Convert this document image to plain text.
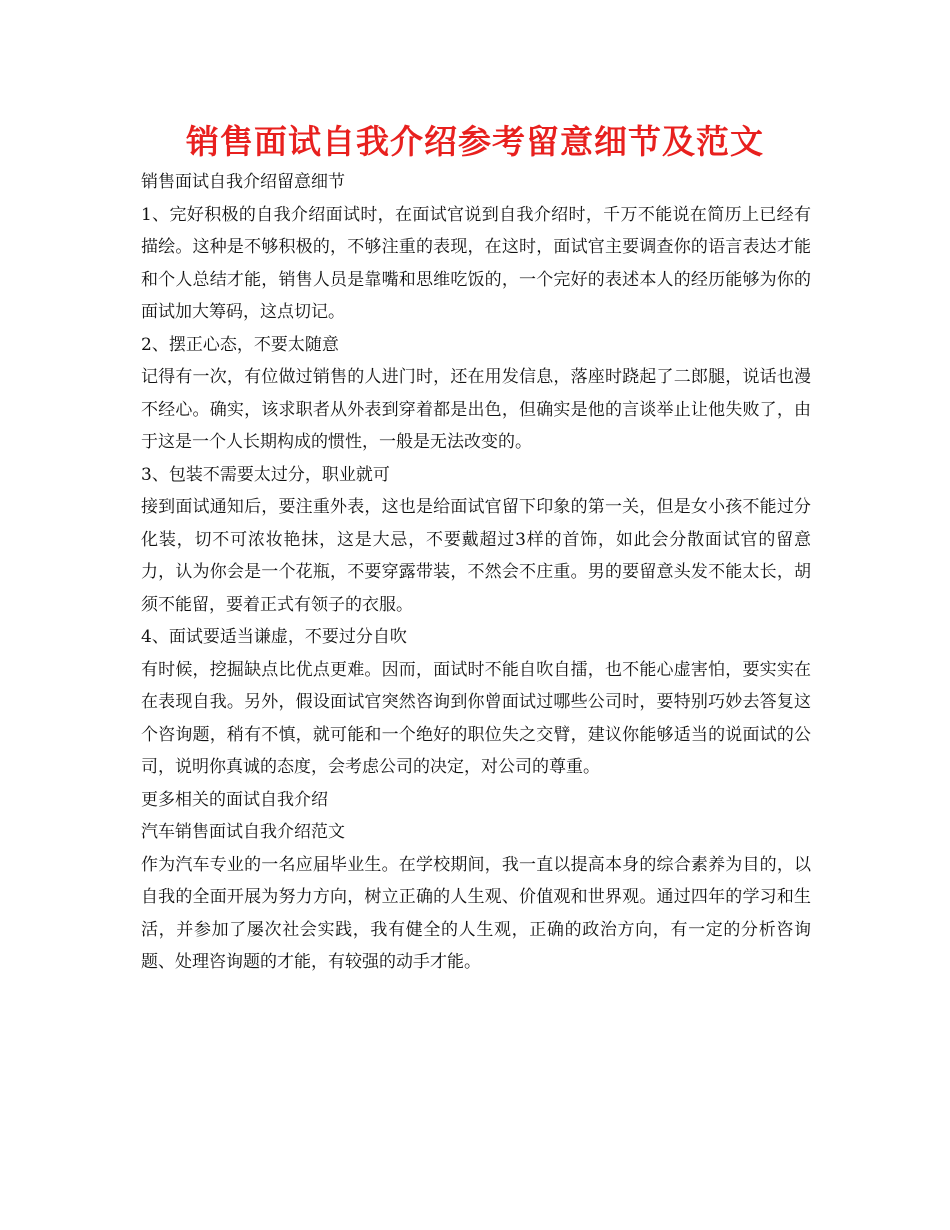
销售面试自我介绍参考留意细节及范文

销售面试自我介绍留意细节

1、完好积极的自我介绍面试时，在面试官说到自我介绍时，千万不能说在简历上已经有描绘。这种是不够积极的，不够注重的表现，在这时，面试官主要调查你的语言表达才能和个人总结才能，销售人员是靠嘴和思维吃饭的，一个完好的表述本人的经历能够为你的面试加大筹码，这点切记。

2、摆正心态，不要太随意

记得有一次，有位做过销售的人进门时，还在用发信息，落座时跷起了二郎腿，说话也漫不经心。确实，该求职者从外表到穿着都是出色，但确实是他的言谈举止让他失败了，由于这是一个人长期构成的惯性，一般是无法改变的。

3、包装不需要太过分，职业就可

接到面试通知后，要注重外表，这也是给面试官留下印象的第一关，但是女小孩不能过分化装，切不可浓妆艳抹，这是大忌，不要戴超过3样的首饰，如此会分散面试官的留意力，认为你会是一个花瓶，不要穿露带装，不然会不庄重。男的要留意头发不能太长，胡须不能留，要着正式有领子的衣服。

4、面试要适当谦虚，不要过分自吹

有时候，挖掘缺点比优点更难。因而，面试时不能自吹自擂，也不能心虚害怕，要实实在在表现自我。另外，假设面试官突然咨询到你曾面试过哪些公司时，要特别巧妙去答复这个咨询题，稍有不慎，就可能和一个绝好的职位失之交臂，建议你能够适当的说面试的公司，说明你真诚的态度，会考虑公司的决定，对公司的尊重。

更多相关的面试自我介绍

汽车销售面试自我介绍范文

作为汽车专业的一名应届毕业生。在学校期间，我一直以提高本身的综合素养为目的，以自我的全面开展为努力方向，树立正确的人生观、价值观和世界观。通过四年的学习和生活，并参加了屡次社会实践，我有健全的人生观，正确的政治方向，有一定的分析咨询题、处理咨询题的才能，有较强的动手才能。
